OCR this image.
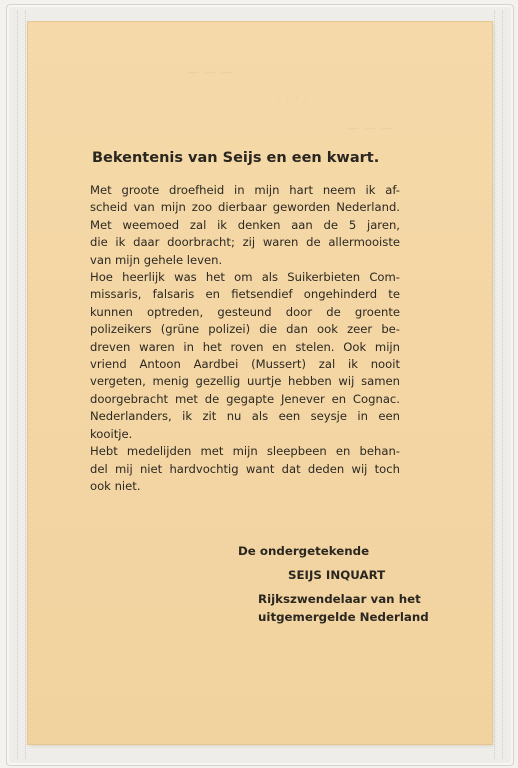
— — —
· · · · ·
— — —
Bekentenis van Seijs en een kwart.
Met groote droefheid in mijn hart neem ik af-
scheid van mijn zoo dierbaar geworden Nederland.
Met weemoed zal ik denken aan de 5 jaren,
die ik daar doorbracht; zij waren de allermooiste
van mijn gehele leven.
Hoe heerlijk was het om als Suikerbieten Com-
missaris, falsaris en fietsendief ongehinderd te
kunnen optreden, gesteund door de groente
polizeikers (grüne polizei) die dan ook zeer be-
dreven waren in het roven en stelen. Ook mijn
vriend Antoon Aardbei (Mussert) zal ik nooit
vergeten, menig gezellig uurtje hebben wij samen
doorgebracht met de gegapte Jenever en Cognac.
Nederlanders, ik zit nu als een seysje in een
kooitje.
Hebt medelijden met mijn sleepbeen en behan-
del mij niet hardvochtig want dat deden wij toch
ook niet.
De ondergetekende
SEIJS INQUART
Rijkszwendelaar van het
uitgemergelde Nederland
